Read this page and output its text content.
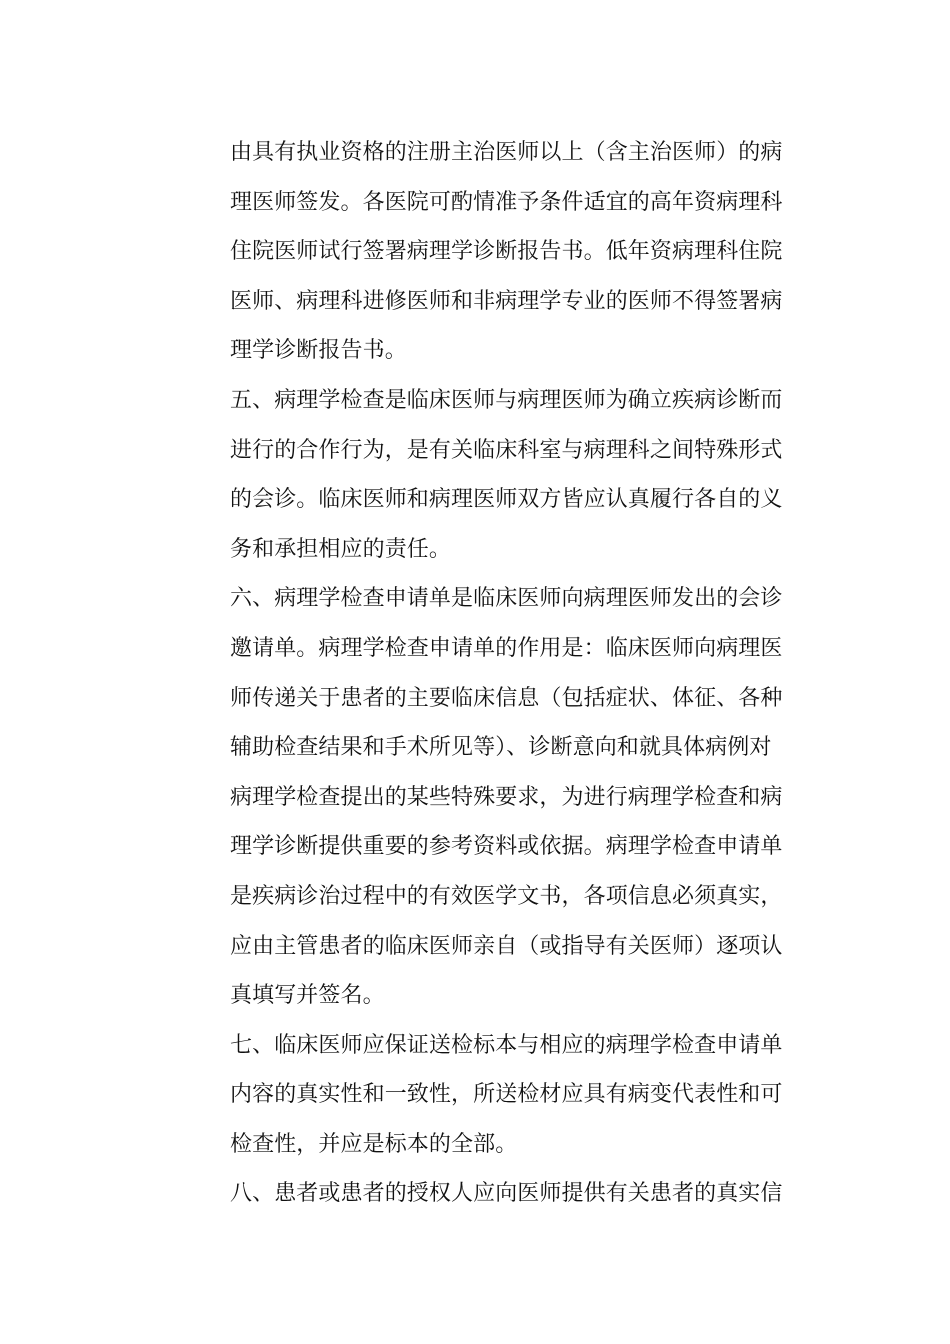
由具有执业资格的注册主治医师以上（含主治医师）的病
理医师签发。各医院可酌情准予条件适宜的高年资病理科
住院医师试行签署病理学诊断报告书。低年资病理科住院
医师、病理科进修医师和非病理学专业的医师不得签署病
理学诊断报告书。
五、病理学检查是临床医师与病理医师为确立疾病诊断而
进行的合作行为，是有关临床科室与病理科之间特殊形式
的会诊。临床医师和病理医师双方皆应认真履行各自的义
务和承担相应的责任。
六、病理学检查申请单是临床医师向病理医师发出的会诊
邀请单。病理学检查申请单的作用是：临床医师向病理医
师传递关于患者的主要临床信息（包括症状、体征、各种
辅助检查结果和手术所见等）、诊断意向和就具体病例对
病理学检查提出的某些特殊要求，为进行病理学检查和病
理学诊断提供重要的参考资料或依据。病理学检查申请单
是疾病诊治过程中的有效医学文书，各项信息必须真实，
应由主管患者的临床医师亲自（或指导有关医师）逐项认
真填写并签名。
七、临床医师应保证送检标本与相应的病理学检查申请单
内容的真实性和一致性，所送检材应具有病变代表性和可
检查性，并应是标本的全部。
八、患者或患者的授权人应向医师提供有关患者的真实信
